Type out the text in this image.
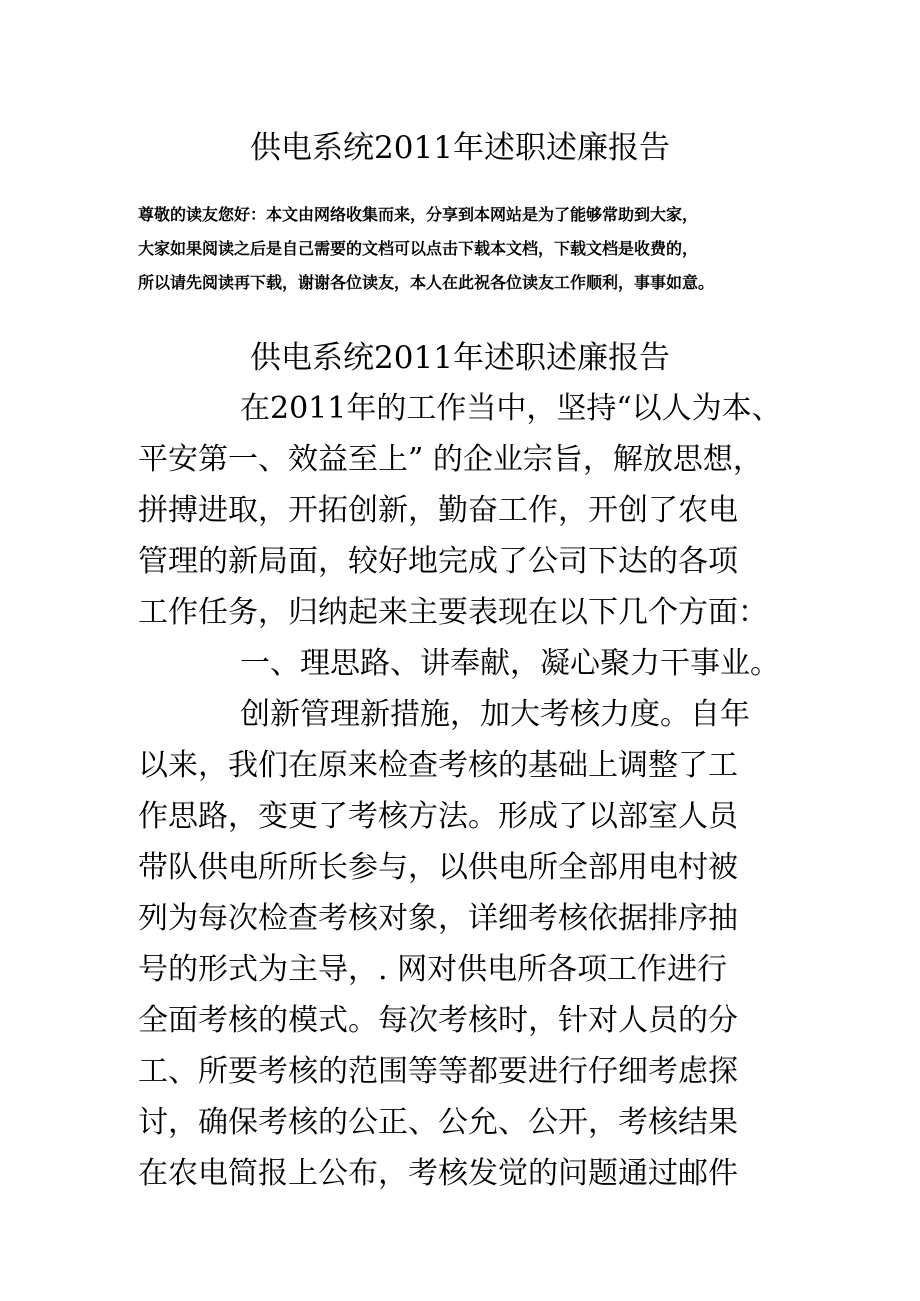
供电系统2011年述职述廉报告
尊敬的读友您好：本文由网络收集而来，分享到本网站是为了能够常助到大家，
大家如果阅读之后是自己需要的文档可以点击下载本文档，下载文档是收费的，
所以请先阅读再下载，谢谢各位读友，本人在此祝各位读友工作顺利，事事如意。
供电系统2011年述职述廉报告
在2011年的工作当中，坚持“以人为本、
平安第一、效益至上” 的企业宗旨，解放思想，
拼搏进取，开拓创新，勤奋工作，开创了农电
管理的新局面，较好地完成了公司下达的各项
工作任务，归纳起来主要表现在以下几个方面：
一、理思路、讲奉献，凝心聚力干事业。
创新管理新措施，加大考核力度。自年
以来，我们在原来检查考核的基础上调整了工
作思路，变更了考核方法。形成了以部室人员
带队供电所所长参与，以供电所全部用电村被
列为每次检查考核对象，详细考核依据排序抽
号的形式为主导，. 网对供电所各项工作进行
全面考核的模式。每次考核时，针对人员的分
工、所要考核的范围等等都要进行仔细考虑探
讨，确保考核的公正、公允、公开，考核结果
在农电简报上公布，考核发觉的问题通过邮件
